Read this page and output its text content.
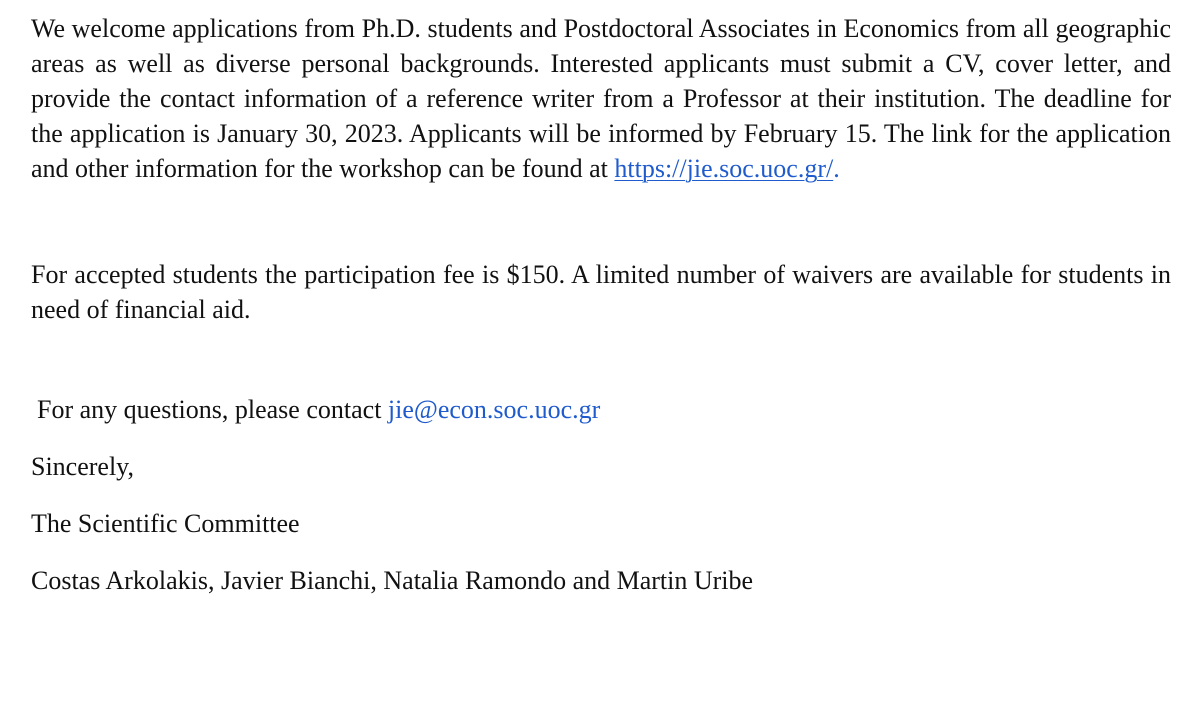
We welcome applications from Ph.D. students and Postdoctoral Associates in Economics from all geographic areas as well as diverse personal backgrounds. Interested applicants must submit a CV, cover letter, and provide the contact information of a reference writer from a Professor at their institution. The deadline for the application is January 30, 2023. Applicants will be informed by February 15. The link for the application and other information for the workshop can be found at https://jie.soc.uoc.gr/.

For accepted students the participation fee is $150. A limited number of waivers are available for students in need of financial aid.

For any questions, please contact jie@econ.soc.uoc.gr

Sincerely,

The Scientific Committee

Costas Arkolakis, Javier Bianchi, Natalia Ramondo and Martin Uribe
